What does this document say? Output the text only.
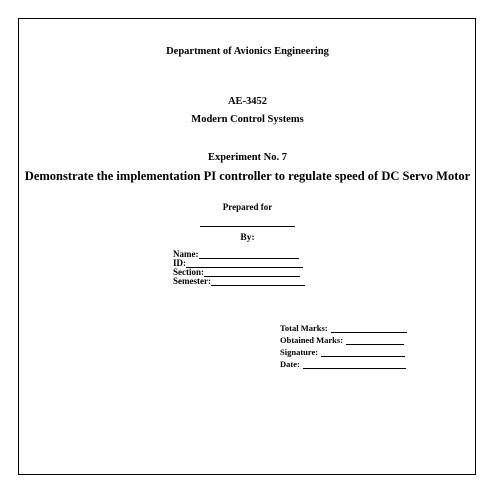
Department of Avionics Engineering
AE-3452
Modern Control Systems
Experiment No. 7
Demonstrate the implementation PI controller to regulate speed of DC Servo Motor
Prepared for
By:
Name:
ID:
Section:
Semester:
Total Marks:
Obtained Marks:
Signature:
Date:
